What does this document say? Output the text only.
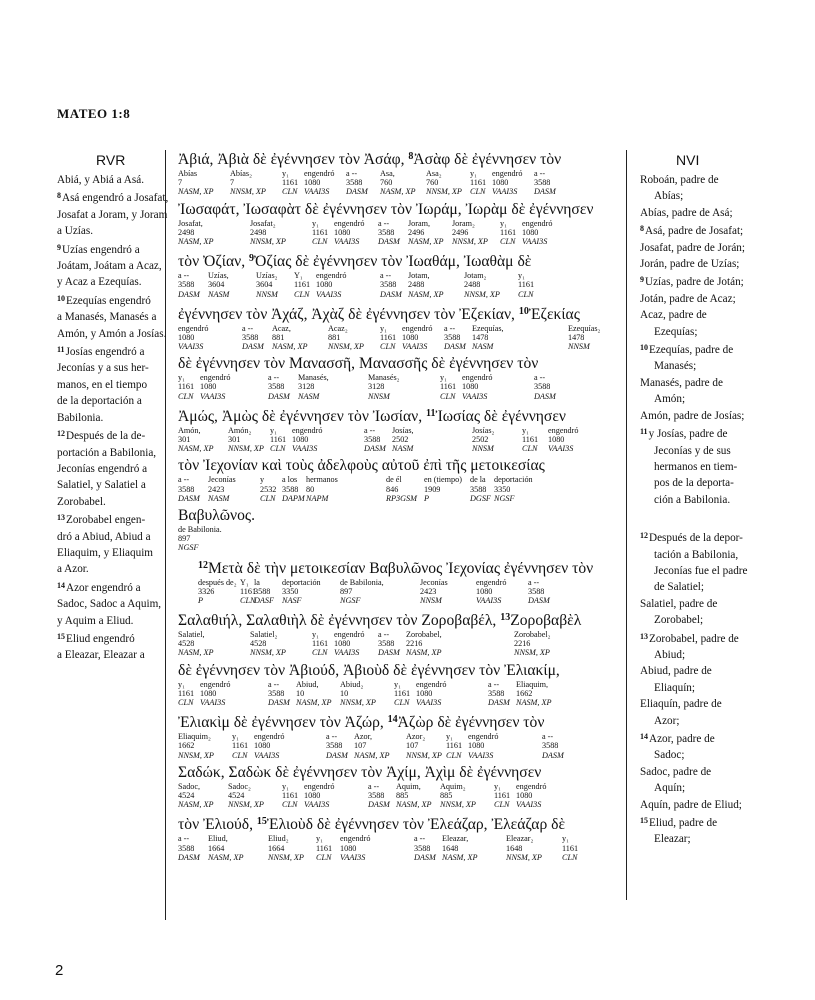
MATEO 1:8
RVR	NVI
Abiá, y Abiá a Asá.
$^8$Asá engendró a Josafat,
Josafat a Joram, y Joram
a Uzías.
$^9$Uzías engendró a
Joátam, Joátam a Acaz,
y Acaz a Ezequías.
$^{10}$Ezequías engendró
a Manasés, Manasés a
Amón, y Amón a Josías.
$^{11}$Josías engendró a
Jeconías y a sus her-
manos, en el tiempo
de la deportación a
Babilonia.
$^{12}$Después de la de-
portación a Babilonia,
Jeconías engendró a
Salatiel, y Salatiel a
Zorobabel.
$^{13}$Zorobabel engen-
dró a Abiud, Abiud a
Eliaquim, y Eliaquim
a Azor.
$^{14}$Azor engendró a
Sadoc, Sadoc a Aquim,
y Aquim a Eliud.
$^{15}$Eliud engendró
a Eleazar, Eleazar a
Ἀβιά, Ἀβιὰ δὲ ἐγέννησεν τὸν Ἀσάφ, $^8$Ἀσὰφ δὲ ἐγέννησεν τὸν
Abías
7
NASM, XP
Abías₂
7
NNSM, XP
y₁
1161
CLN
engendró
1080
VAAI3S
a --
3588
DASM
Asa,
760
NASM, XP
Asa₂
760
NNSM, XP
y₁
1161
CLN
engendró
1080
VAAI3S
a --
3588
DASM
Ἰωσαφάτ, Ἰωσαφὰτ δὲ ἐγέννησεν τὸν Ἰωράμ, Ἰωρὰμ δὲ ἐγέννησεν
Josafat,
2498
NASM, XP
Josafat₂
2498
NNSM, XP
y₁
1161
CLN
engendró
1080
VAAI3S
a --
3588
DASM
Joram,
2496
NASM, XP
Joram₂
2496
NNSM, XP
y₁
1161
CLN
engendró
1080
VAAI3S
τὸν Ὀζίαν, $^9$Ὀζίας δὲ ἐγέννησεν τὸν Ἰωαθάμ, Ἰωαθὰμ δὲ
a --
3588
DASM
Uzías,
3604
NASM
Uzías₂
3604
NNSM
Y₁
1161
CLN
engendró
1080
VAAI3S
a --
3588
DASM
Jotam,
2488
NASM, XP
Jotam₂
2488
NNSM, XP
y₁
1161
CLN
ἐγέννησεν τὸν Ἀχάζ, Ἀχὰζ δὲ ἐγέννησεν τὸν Ἐζεκίαν, $^{10}$Ἐζεκίας
engendró
1080
VAAI3S
a --
3588
DASM
Acaz,
881
NASM, XP
Acaz₂
881
NNSM, XP
y₁
1161
CLN
engendró
1080
VAAI3S
a --
3588
DASM
Ezequías,
1478
NASM
Ezequías₂
1478
NNSM
δὲ ἐγέννησεν τὸν Μανασσῆ, Μανασσῆς δὲ ἐγέννησεν τὸν
y₁
1161
CLN
engendró
1080
VAAI3S
a --
3588
DASM
Manasés,
3128
NASM
Manasés₂
3128
NNSM
y₁
1161
CLN
engendró
1080
VAAI3S
a --
3588
DASM
Ἀμώς, Ἀμὼς δὲ ἐγέννησεν τὸν Ἰωσίαν, $^{11}$Ἰωσίας δὲ ἐγέννησεν
Amón,
301
NASM, XP
Amón₂
301
NNSM, XP
y₁
1161
CLN
engendró
1080
VAAI3S
a --
3588
DASM
Josías,
2502
NASM
Josías₂
2502
NNSM
y₁
1161
CLN
engendró
1080
VAAI3S
τὸν Ἰεχονίαν καὶ τοὺς ἀδελφοὺς αὐτοῦ ἐπὶ τῆς μετοικεσίας
a --
3588
DASM
Jeconías
2423
NASM
y
2532
CLN
a los
3588
DAPM
hermanos
80
NAPM
de él
846
RP3GSM
en (tiempo)
1909
P
de la
3588
DGSF
deportación
3350
NGSF
Βαβυλῶνος.
de Babilonia.
897
NGSF
$^{12}$Μετὰ δὲ τὴν μετοικεσίαν Βαβυλῶνος Ἰεχονίας ἐγέννησεν τὸν
después de₂
3326
P
Y₁
1161
CLN
la
3588
DASF
deportación
3350
NASF
de Babilonia,
897
NGSF
Jeconías
2423
NNSM
engendró
1080
VAAI3S
a --
3588
DASM
Σαλαθιήλ, Σαλαθιὴλ δὲ ἐγέννησεν τὸν Ζοροβαβέλ, $^{13}$Ζοροβαβὲλ
Salatiel,
4528
NASM, XP
Salatiel₂
4528
NNSM, XP
y₁
1161
CLN
engendró
1080
VAAI3S
a --
3588
DASM
Zorobabel,
2216
NASM, XP
Zorobabel₂
2216
NNSM, XP
δὲ ἐγέννησεν τὸν Ἀβιούδ, Ἀβιοὺδ δὲ ἐγέννησεν τὸν Ἐλιακίμ,
y₁
1161
CLN
engendró
1080
VAAI3S
a --
3588
DASM
Abiud,
10
NASM, XP
Abiud₂
10
NNSM, XP
y₁
1161
CLN
engendró
1080
VAAI3S
a --
3588
DASM
Eliaquim,
1662
NASM, XP
Ἐλιακὶμ δὲ ἐγέννησεν τὸν Ἀζώρ, $^{14}$Ἀζὼρ δὲ ἐγέννησεν τὸν
Eliaquim₂
1662
NNSM, XP
y₁
1161
CLN
engendró
1080
VAAI3S
a --
3588
DASM
Azor,
107
NASM, XP
Azor₂
107
NNSM, XP
y₁
1161
CLN
engendró
1080
VAAI3S
a --
3588
DASM
Σαδώκ, Σαδὼκ δὲ ἐγέννησεν τὸν Ἀχίμ, Ἀχὶμ δὲ ἐγέννησεν
Sadoc,
4524
NASM, XP
Sadoc₂
4524
NNSM, XP
y₁
1161
CLN
engendró
1080
VAAI3S
a --
3588
DASM
Aquim,
885
NASM, XP
Aquim₂
885
NNSM, XP
y₁
1161
CLN
engendró
1080
VAAI3S
τὸν Ἐλιούδ, $^{15}$Ἐλιοὺδ δὲ ἐγέννησεν τὸν Ἐλεάζαρ, Ἐλεάζαρ δὲ
a --
3588
DASM
Eliud,
1664
NASM, XP
Eliud₂
1664
NNSM, XP
y₁
1161
CLN
engendró
1080
VAAI3S
a --
3588
DASM
Eleazar,
1648
NASM, XP
Eleazar₂
1648
NNSM, XP
y₁
1161
CLN
Roboán, padre de
Abías;
Abías, padre de Asá;
$^8$Asá, padre de Josafat;
Josafat, padre de Jorán;
Jorán, padre de Uzías;
$^9$Uzías, padre de Jotán;
Jotán, padre de Acaz;
Acaz, padre de
Ezequías;
$^{10}$Ezequías, padre de
Manasés;
Manasés, padre de
Amón;
Amón, padre de Josías;
$^{11}$y Josías, padre de
Jeconías y de sus
hermanos en tiem-
pos de la deporta-
ción a Babilonia.
$^{12}$Después de la depor-
tación a Babilonia,
Jeconías fue el padre
de Salatiel;
Salatiel, padre de
Zorobabel;
$^{13}$Zorobabel, padre de
Abiud;
Abiud, padre de
Eliaquín;
Eliaquín, padre de
Azor;
$^{14}$Azor, padre de
Sadoc;
Sadoc, padre de
Aquín;
Aquín, padre de Eliud;
$^{15}$Eliud, padre de
Eleazar;
2
